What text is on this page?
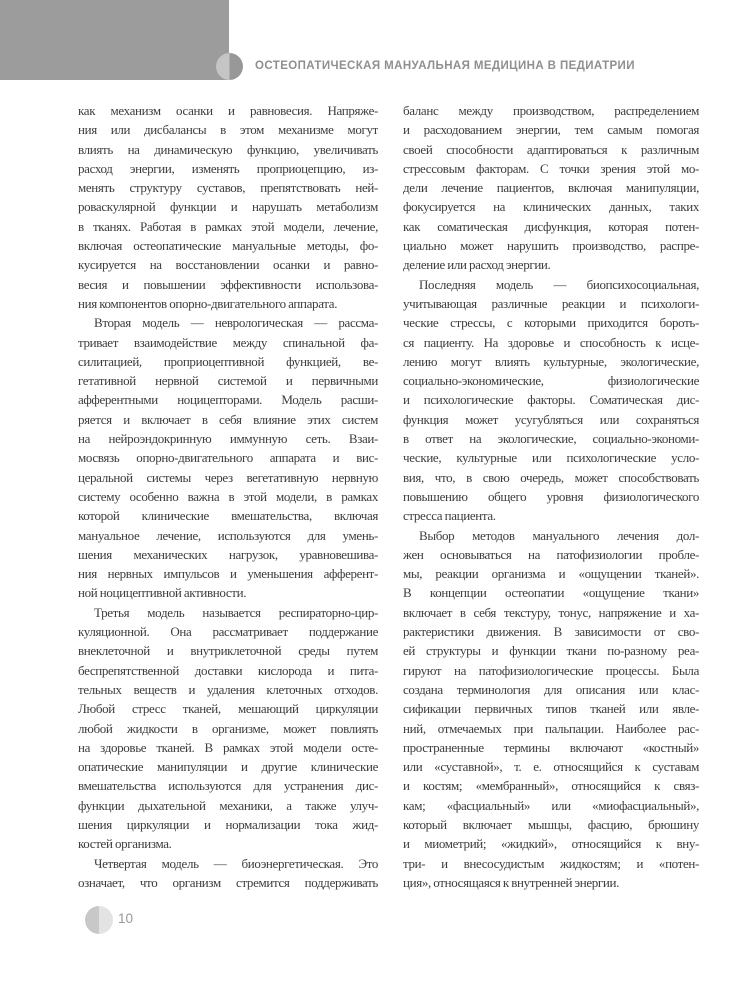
ОСТЕОПАТИЧЕСКАЯ МАНУАЛЬНАЯ МЕДИЦИНА В ПЕДИАТРИИ
как механизм осанки и равновесия. Напряже-
ния или дисбалансы в этом механизме могут
влиять на динамическую функцию, увеличивать
расход энергии, изменять проприоцепцию, из-
менять структуру суставов, препятствовать ней-
роваскулярной функции и нарушать метаболизм
в тканях. Работая в рамках этой модели, лечение,
включая остеопатические мануальные методы, фо-
кусируется на восстановлении осанки и равно-
весия и повышении эффективности использова-
ния компонентов опорно-двигательного аппарата.
Вторая модель — неврологическая — рассма-
тривает взаимодействие между спинальной фа-
силитацией, проприоцептивной функцией, ве-
гетативной нервной системой и первичными
афферентными ноцицепторами. Модель расши-
ряется и включает в себя влияние этих систем
на нейроэндокринную иммунную сеть. Взаи-
мосвязь опорно-двигательного аппарата и вис-
церальной системы через вегетативную нервную
систему особенно важна в этой модели, в рамках
которой клинические вмешательства, включая
мануальное лечение, используются для умень-
шения механических нагрузок, уравновешива-
ния нервных импульсов и уменьшения афферент-
ной ноцицептивной активности.
Третья модель называется респираторно-цир-
куляционной. Она рассматривает поддержание
внеклеточной и внутриклеточной среды путем
беспрепятственной доставки кислорода и пита-
тельных веществ и удаления клеточных отходов.
Любой стресс тканей, мешающий циркуляции
любой жидкости в организме, может повлиять
на здоровье тканей. В рамках этой модели осте-
опатические манипуляции и другие клинические
вмешательства используются для устранения дис-
функции дыхательной механики, а также улуч-
шения циркуляции и нормализации тока жид-
костей организма.
Четвертая модель — биоэнергетическая. Это
означает, что организм стремится поддерживать
баланс между производством, распределением
и расходованием энергии, тем самым помогая
своей способности адаптироваться к различным
стрессовым факторам. С точки зрения этой мо-
дели лечение пациентов, включая манипуляции,
фокусируется на клинических данных, таких
как соматическая дисфункция, которая потен-
циально может нарушить производство, распре-
деление или расход энергии.
Последняя модель — биопсихосоциальная,
учитывающая различные реакции и психологи-
ческие стрессы, с которыми приходится бороть-
ся пациенту. На здоровье и способность к исце-
лению могут влиять культурные, экологические,
социально-экономические, физиологические
и психологические факторы. Соматическая дис-
функция может усугубляться или сохраняться
в ответ на экологические, социально-экономи-
ческие, культурные или психологические усло-
вия, что, в свою очередь, может способствовать
повышению общего уровня физиологического
стресса пациента.
Выбор методов мануального лечения дол-
жен основываться на патофизиологии пробле-
мы, реакции организма и «ощущении тканей».
В концепции остеопатии «ощущение ткани»
включает в себя текстуру, тонус, напряжение и ха-
рактеристики движения. В зависимости от сво-
ей структуры и функции ткани по-разному реа-
гируют на патофизиологические процессы. Была
создана терминология для описания или клас-
сификации первичных типов тканей или явле-
ний, отмечаемых при пальпации. Наиболее рас-
пространенные термины включают «костный»
или «суставной», т. е. относящийся к суставам
и костям; «мембранный», относящийся к связ-
кам; «фасциальный» или «миофасциальный»,
который включает мышцы, фасцию, брюшину
и миометрий; «жидкий», относящийся к вну-
три- и внесосудистым жидкостям; и «потен-
ция», относящаяся к внутренней энергии.
10
